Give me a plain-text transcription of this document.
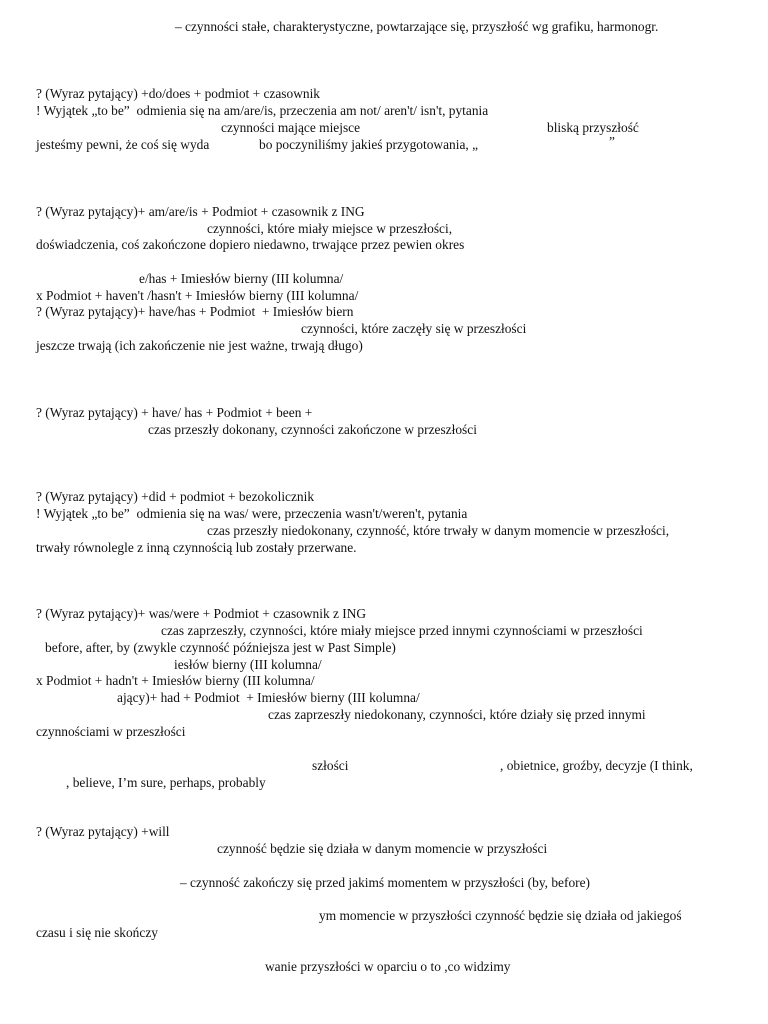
– czynności stałe, charakterystyczne, powtarzające się, przyszłość wg grafiku, harmonogr.
? (Wyraz pytający) +do/does + podmiot + czasownik
! Wyjątek „to be”  odmienia się na am/are/is, przeczenia am not/ aren't/ isn't, pytania
czynności mające miejsce	bliską przyszłość
jesteśmy pewni, że coś się wyda	bo poczyniliśmy jakieś przygotowania, „	”
? (Wyraz pytający)+ am/are/is + Podmiot + czasownik z ING
czynności, które miały miejsce w przeszłości,
doświadczenia, coś zakończone dopiero niedawno, trwające przez pewien okres
e/has + Imiesłów bierny (III kolumna/
x Podmiot + haven't /hasn't + Imiesłów bierny (III kolumna/
? (Wyraz pytający)+ have/has + Podmiot  + Imiesłów biern
czynności, które zaczęły się w przeszłości
jeszcze trwają (ich zakończenie nie jest ważne, trwają długo)
? (Wyraz pytający) + have/ has + Podmiot + been +
czas przeszły dokonany, czynności zakończone w przeszłości
? (Wyraz pytający) +did + podmiot + bezokolicznik
! Wyjątek „to be”  odmienia się na was/ were, przeczenia wasn't/weren't, pytania
czas przeszły niedokonany, czynność, które trwały w danym momencie w przeszłości,
trwały równolegle z inną czynnością lub zostały przerwane.
? (Wyraz pytający)+ was/were + Podmiot + czasownik z ING
czas zaprzeszły, czynności, które miały miejsce przed innymi czynnościami w przeszłości
before, after, by (zwykle czynność późniejsza jest w Past Simple)
iesłów bierny (III kolumna/
x Podmiot + hadn't + Imiesłów bierny (III kolumna/
ający)+ had + Podmiot  + Imiesłów bierny (III kolumna/
czas zaprzeszły niedokonany, czynności, które działy się przed innymi
czynnościami w przeszłości
szłości	, obietnice, groźby, decyzje (I think,
, believe, I’m sure, perhaps, probably
? (Wyraz pytający) +will
czynność będzie się działa w danym momencie w przyszłości
– czynność zakończy się przed jakimś momentem w przyszłości (by, before)
ym momencie w przyszłości czynność będzie się działa od jakiegoś
czasu i się nie skończy
wanie przyszłości w oparciu o to ,co widzimy
